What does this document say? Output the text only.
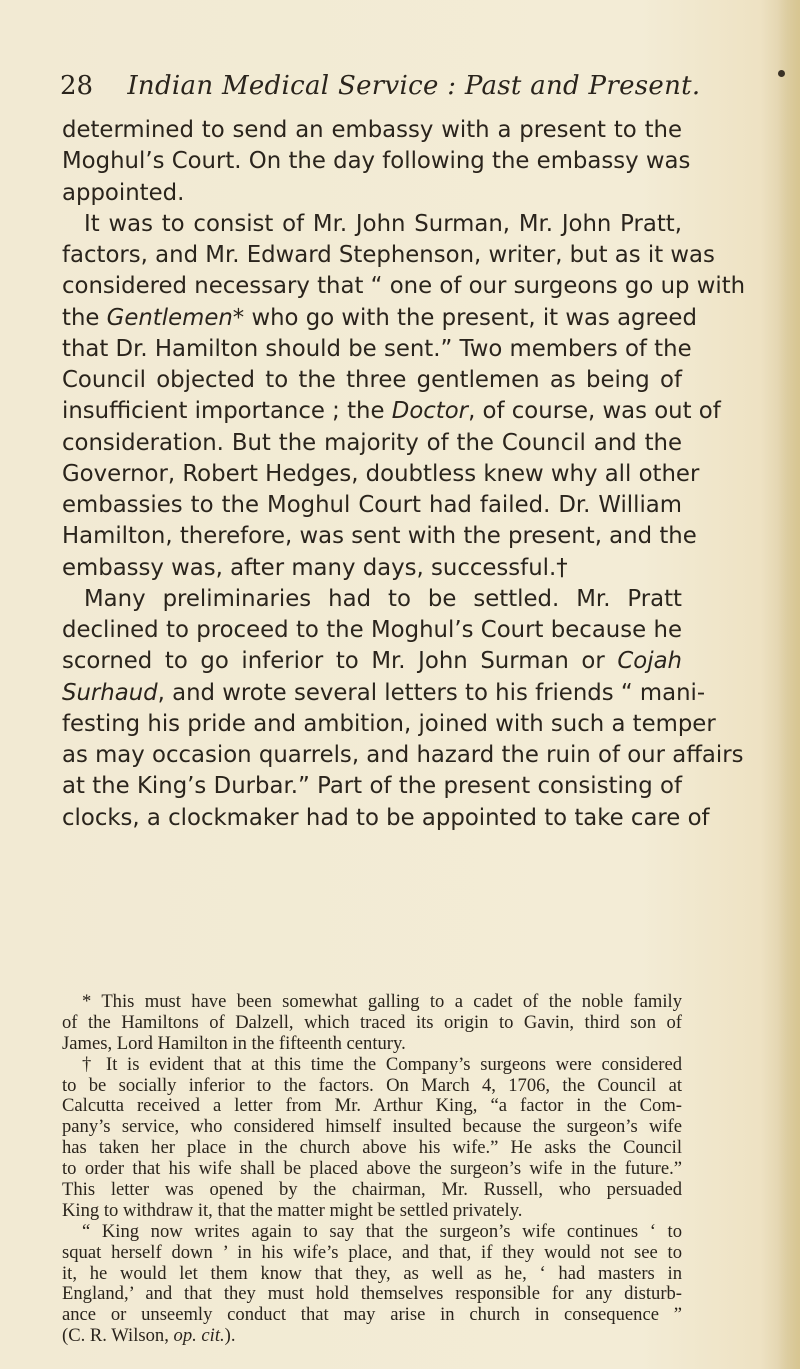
28 Indian Medical Service : Past and Present.
determined to send an embassy with a present to the
Moghul’s Court. On the day following the embassy was
appointed.
It was to consist of Mr. John Surman, Mr. John Pratt,
factors, and Mr. Edward Stephenson, writer, but as it was
considered necessary that “ one of our surgeons go up with
the Gentlemen* who go with the present, it was agreed
that Dr. Hamilton should be sent.” Two members of the
Council objected to the three gentlemen as being of
insufficient importance ; the Doctor, of course, was out of
consideration. But the majority of the Council and the
Governor, Robert Hedges, doubtless knew why all other
embassies to the Moghul Court had failed. Dr. William
Hamilton, therefore, was sent with the present, and the
embassy was, after many days, successful.†
Many preliminaries had to be settled. Mr. Pratt
declined to proceed to the Moghul’s Court because he
scorned to go inferior to Mr. John Surman or Cojah
Surhaud, and wrote several letters to his friends “ mani-
festing his pride and ambition, joined with such a temper
as may occasion quarrels, and hazard the ruin of our affairs
at the King’s Durbar.” Part of the present consisting of
clocks, a clockmaker had to be appointed to take care of
* This must have been somewhat galling to a cadet of the noble family
of the Hamiltons of Dalzell, which traced its origin to Gavin, third son of
James, Lord Hamilton in the fifteenth century.
† It is evident that at this time the Company’s surgeons were considered
to be socially inferior to the factors. On March 4, 1706, the Council at
Calcutta received a letter from Mr. Arthur King, “a factor in the Com-
pany’s service, who considered himself insulted because the surgeon’s wife
has taken her place in the church above his wife.” He asks the Council
to order that his wife shall be placed above the surgeon’s wife in the future.”
This letter was opened by the chairman, Mr. Russell, who persuaded
King to withdraw it, that the matter might be settled privately.
“ King now writes again to say that the surgeon’s wife continues ‘ to
squat herself down ’ in his wife’s place, and that, if they would not see to
it, he would let them know that they, as well as he, ‘ had masters in
England,’ and that they must hold themselves responsible for any disturb-
ance or unseemly conduct that may arise in church in consequence ”
(C. R. Wilson, op. cit.).
